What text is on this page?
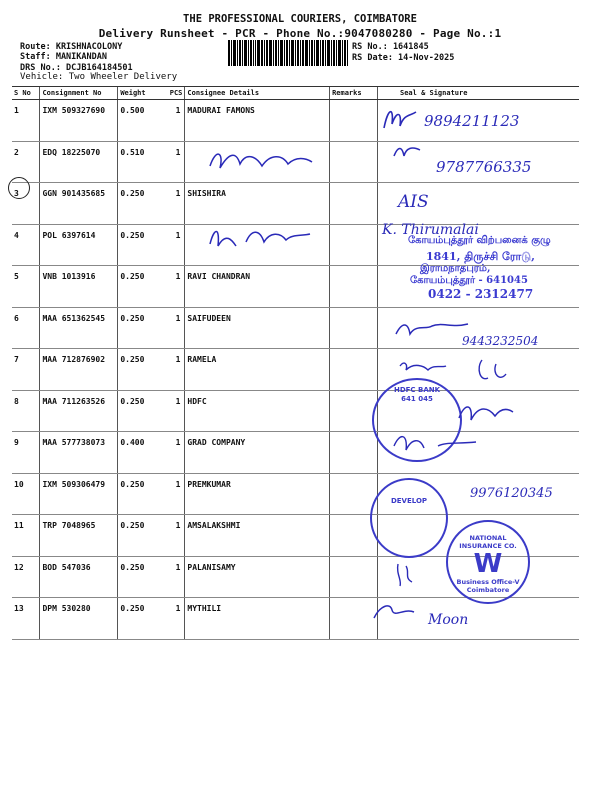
THE PROFESSIONAL COURIERS, COIMBATORE
Delivery Runsheet - PCR - Phone No.:9047080280 - Page No.:1
Route: KRISHNACOLONY
Staff: MANIKANDAN
DRS No.: DCJB164184501
Vehicle: Two Wheeler Delivery
RS No.: 1641845
RS Date: 14-Nov-2025
S No	Consignment No	Weight	PCS	Consignee Details	Remarks	Seal & Signature
1	IXM 509327690	0.500	1	MADURAI FAMONS		
2	EDQ 18225070	0.510	1			
3	GGN 901435685	0.250	1	SHISHIRA		
4	POL 6397614	0.250	1			
5	VNB 1013916	0.250	1	RAVI CHANDRAN		
6	MAA 651362545	0.250	1	SAIFUDEEN		
7	MAA 712876902	0.250	1	RAMELA		
8	MAA 711263526	0.250	1	HDFC		
9	MAA 577738073	0.400	1	GRAD COMPANY		
10	IXM 509306479	0.250	1	PREMKUMAR		
11	TRP 7048965	0.250	1	AMSALAKSHMI		
12	BOD 547036	0.250	1	PALANISAMY		
13	DPM 530280	0.250	1	MYTHILI		
9894211123
9787766335
AIS
K. Thirumalai
கோயம்புத்தூர் விற்பனைக் குழு
1841, திருச்சி ரோடு,
இராமநாதபுரம்,
கோயம்புத்தூர் - 641045
0422 - 2312477
9443232504
HDFC BANK
641 045
DEVELOP	9976120345
NATIONAL INSURANCE CO.
W
Business Office-V Coimbatore
Moon
